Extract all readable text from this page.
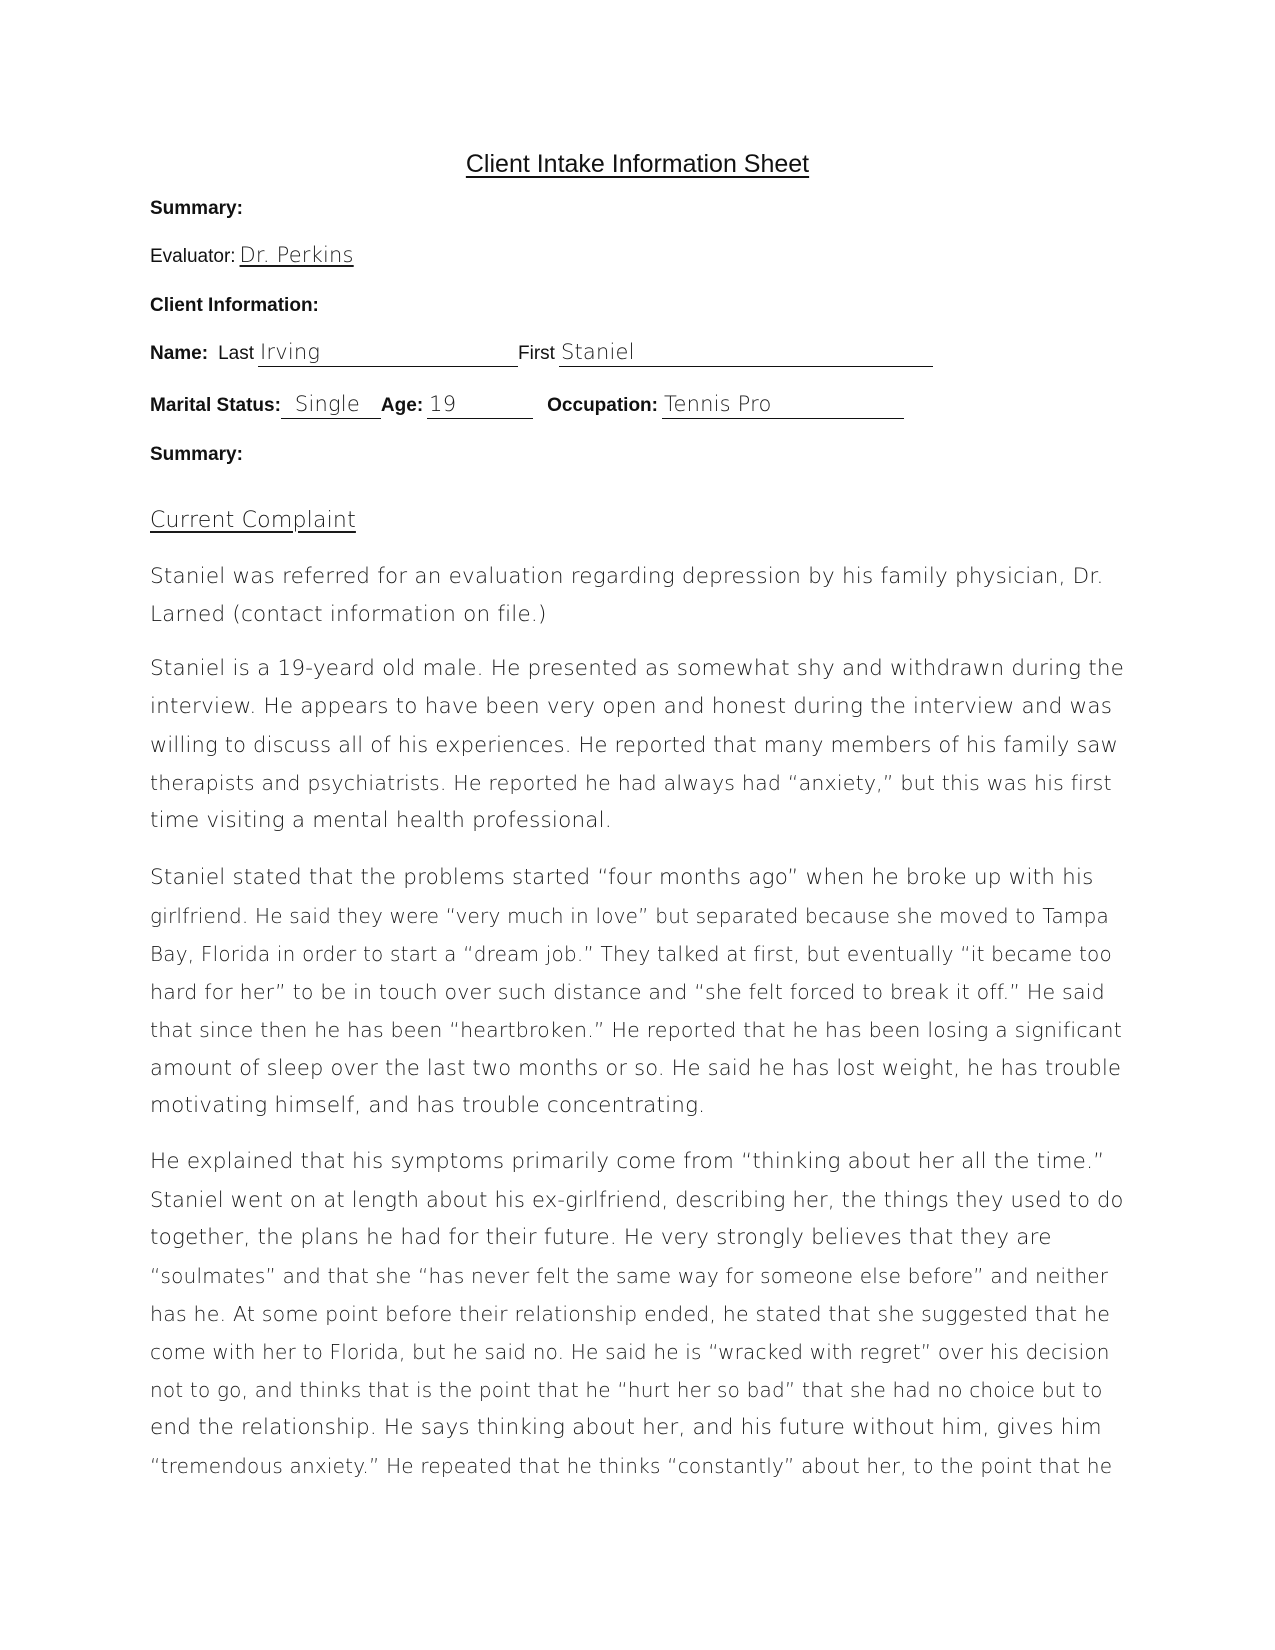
Client Intake Information Sheet
Summary:
Evaluator: Dr. Perkins
Client Information:
Name: Last Irving	First Staniel
Marital Status: Single Age: 19	Occupation: Tennis Pro
Summary:
Current Complaint
Staniel was referred for an evaluation regarding depression by his family physician, Dr.
Larned (contact information on file.)
Staniel is a 19-yeard old male. He presented as somewhat shy and withdrawn during the
interview. He appears to have been very open and honest during the interview and was
willing to discuss all of his experiences. He reported that many members of his family saw
therapists and psychiatrists. He reported he had always had “anxiety,” but this was his first
time visiting a mental health professional.
Staniel stated that the problems started “four months ago” when he broke up with his
girlfriend. He said they were “very much in love” but separated because she moved to Tampa
Bay, Florida in order to start a “dream job.” They talked at first, but eventually “it became too
hard for her” to be in touch over such distance and “she felt forced to break it off.” He said
that since then he has been “heartbroken.” He reported that he has been losing a significant
amount of sleep over the last two months or so. He said he has lost weight, he has trouble
motivating himself, and has trouble concentrating.
He explained that his symptoms primarily come from “thinking about her all the time.”
Staniel went on at length about his ex-girlfriend, describing her, the things they used to do
together, the plans he had for their future. He very strongly believes that they are
“soulmates” and that she “has never felt the same way for someone else before” and neither
has he. At some point before their relationship ended, he stated that she suggested that he
come with her to Florida, but he said no. He said he is “wracked with regret” over his decision
not to go, and thinks that is the point that he “hurt her so bad” that she had no choice but to
end the relationship. He says thinking about her, and his future without him, gives him
“tremendous anxiety.” He repeated that he thinks “constantly” about her, to the point that he
